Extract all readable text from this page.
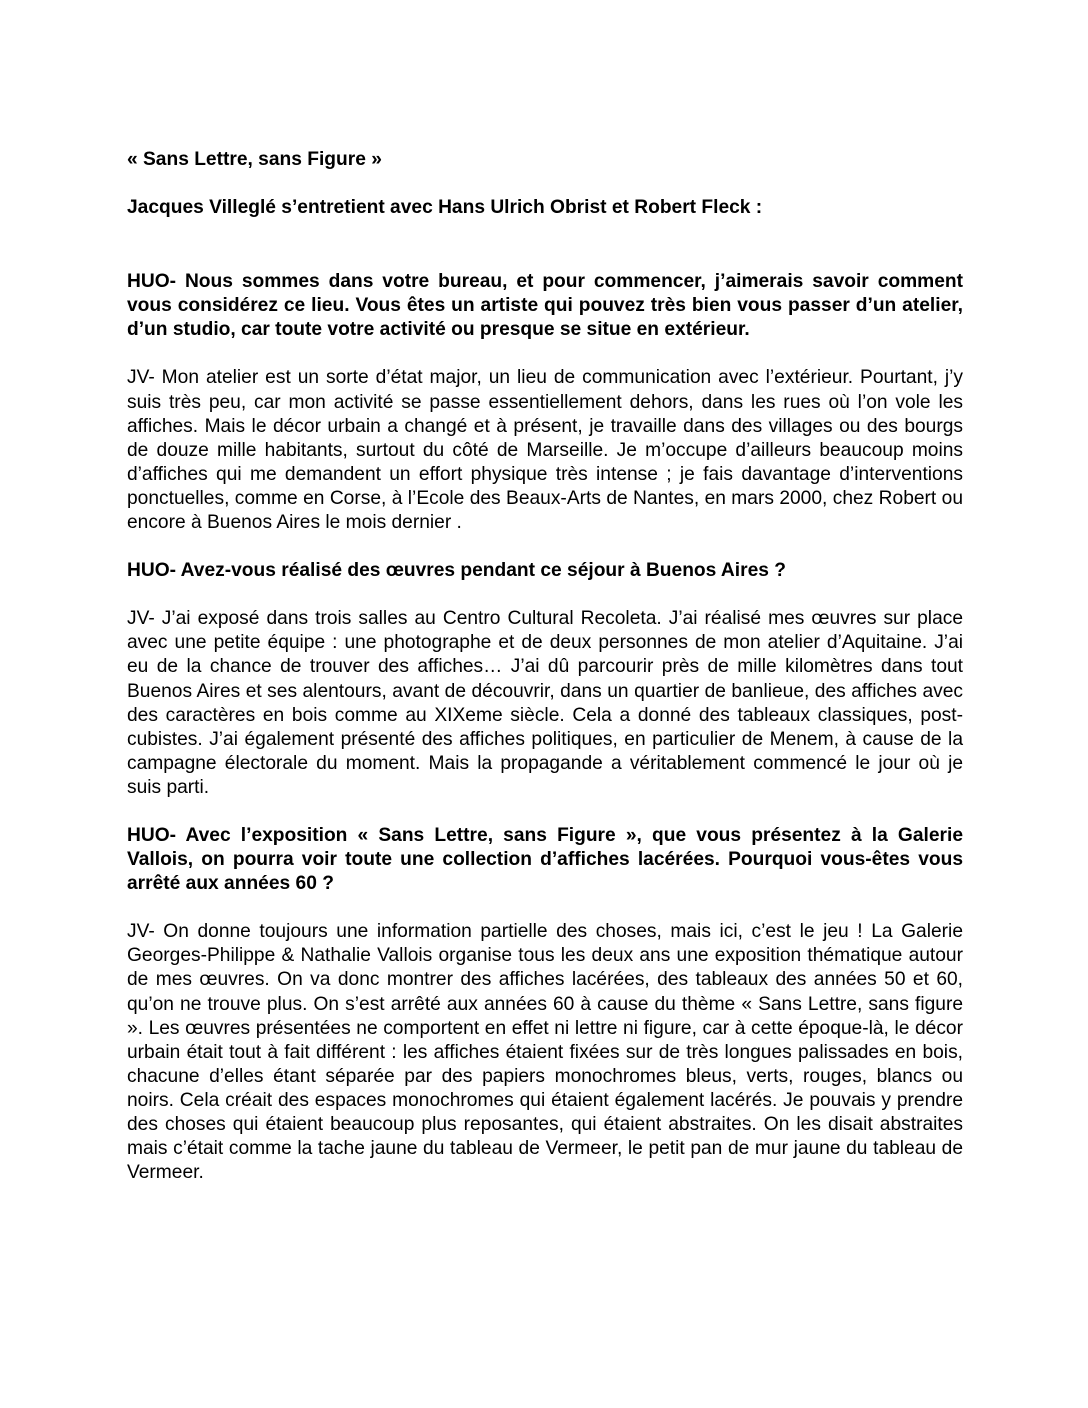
« Sans Lettre, sans Figure »

Jacques Villeglé s’entretient avec Hans Ulrich Obrist et Robert Fleck :

HUO- Nous sommes dans votre bureau, et pour commencer, j’aimerais savoir comment vous considérez ce lieu. Vous êtes un artiste qui pouvez très bien vous passer d’un atelier, d’un studio, car toute votre activité ou presque se situe en extérieur.

JV- Mon atelier est un sorte d’état major, un lieu de communication avec l’extérieur. Pourtant, j’y suis très peu, car mon activité se passe essentiellement dehors, dans les rues où l’on vole les affiches. Mais le décor urbain a changé et à présent, je travaille dans des villages ou des bourgs de douze mille habitants, surtout du côté de Marseille. Je m’occupe d’ailleurs beaucoup moins d’affiches qui me demandent un effort physique très intense ; je fais davantage d’interventions ponctuelles, comme en Corse, à l’Ecole des Beaux-Arts de Nantes, en mars 2000, chez Robert ou encore à Buenos Aires le mois dernier .

HUO- Avez-vous réalisé des œuvres pendant ce séjour à Buenos Aires ?

JV- J’ai exposé dans trois salles au Centro Cultural Recoleta. J’ai réalisé mes œuvres sur place avec une petite équipe : une photographe et de deux personnes de mon atelier d’Aquitaine. J’ai eu de la chance de trouver des affiches… J’ai dû parcourir près de mille kilomètres dans tout Buenos Aires et ses alentours, avant de découvrir, dans un quartier de banlieue, des affiches avec des caractères en bois comme au XIXeme siècle. Cela a donné des tableaux classiques, post-cubistes. J’ai également présenté des affiches politiques, en particulier de Menem, à cause de la campagne électorale du moment. Mais la propagande a véritablement commencé le jour où je suis parti.

HUO- Avec l’exposition « Sans Lettre, sans Figure », que vous présentez à la Galerie Vallois, on pourra voir toute une collection d’affiches lacérées. Pourquoi vous-êtes vous arrêté aux années 60 ?

JV- On donne toujours une information partielle des choses, mais ici, c’est le jeu ! La Galerie Georges-Philippe & Nathalie Vallois organise tous les deux ans une exposition thématique autour de mes œuvres. On va donc montrer des affiches lacérées, des tableaux des années 50 et 60, qu’on ne trouve plus. On s’est arrêté aux années 60 à cause du thème « Sans Lettre, sans figure ». Les œuvres présentées ne comportent en effet ni lettre ni figure, car à cette époque-là, le décor urbain était tout à fait différent : les affiches étaient fixées sur de très longues palissades en bois, chacune d’elles étant séparée par des papiers monochromes bleus, verts, rouges, blancs ou noirs. Cela créait des espaces monochromes qui étaient également lacérés. Je pouvais y prendre des choses qui étaient beaucoup plus reposantes, qui étaient abstraites. On les disait abstraites mais c’était comme la tache jaune du tableau de Vermeer, le petit pan de mur jaune du tableau de Vermeer.
